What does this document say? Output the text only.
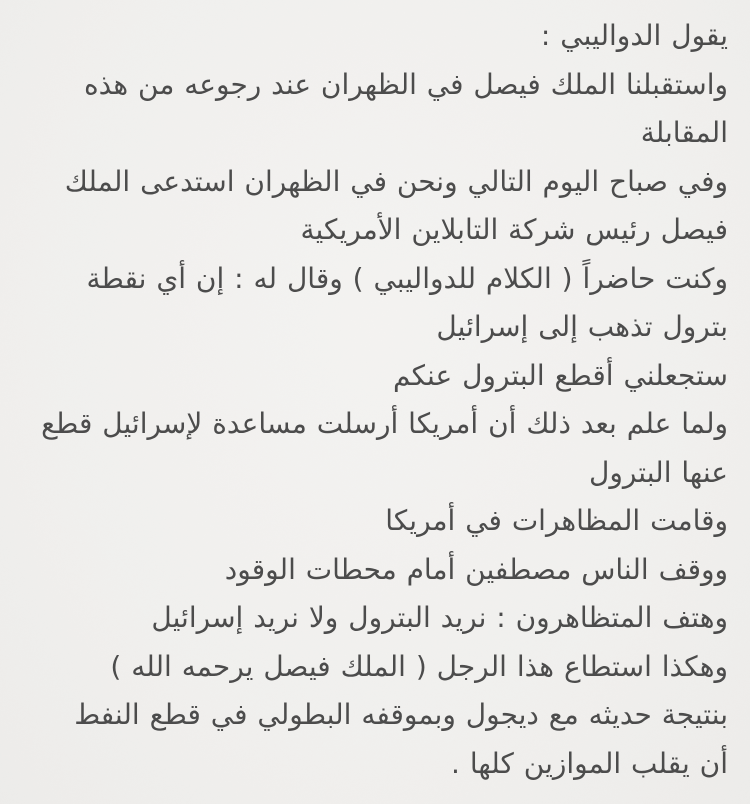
يقول الدواليبي :
واستقبلنا الملك فيصل في الظهران عند رجوعه من هذه
المقابلة
وفي صباح اليوم التالي ونحن في الظهران استدعى الملك
فيصل رئيس شركة التابلاين الأمريكية
وكنت حاضراً ( الكلام للدواليبي ) وقال له : إن أي نقطة
بترول تذهب إلى إسرائيل
ستجعلني أقطع البترول عنكم
ولما علم بعد ذلك أن أمريكا أرسلت مساعدة لإسرائيل قطع
عنها البترول
وقامت المظاهرات في أمريكا
ووقف الناس مصطفين أمام محطات الوقود
وهتف المتظاهرون : نريد البترول ولا نريد إسرائيل
وهكذا استطاع هذا الرجل ( الملك فيصل يرحمه الله )
بنتيجة حديثه مع ديجول وبموقفه البطولي في قطع النفط
أن يقلب الموازين كلها .
